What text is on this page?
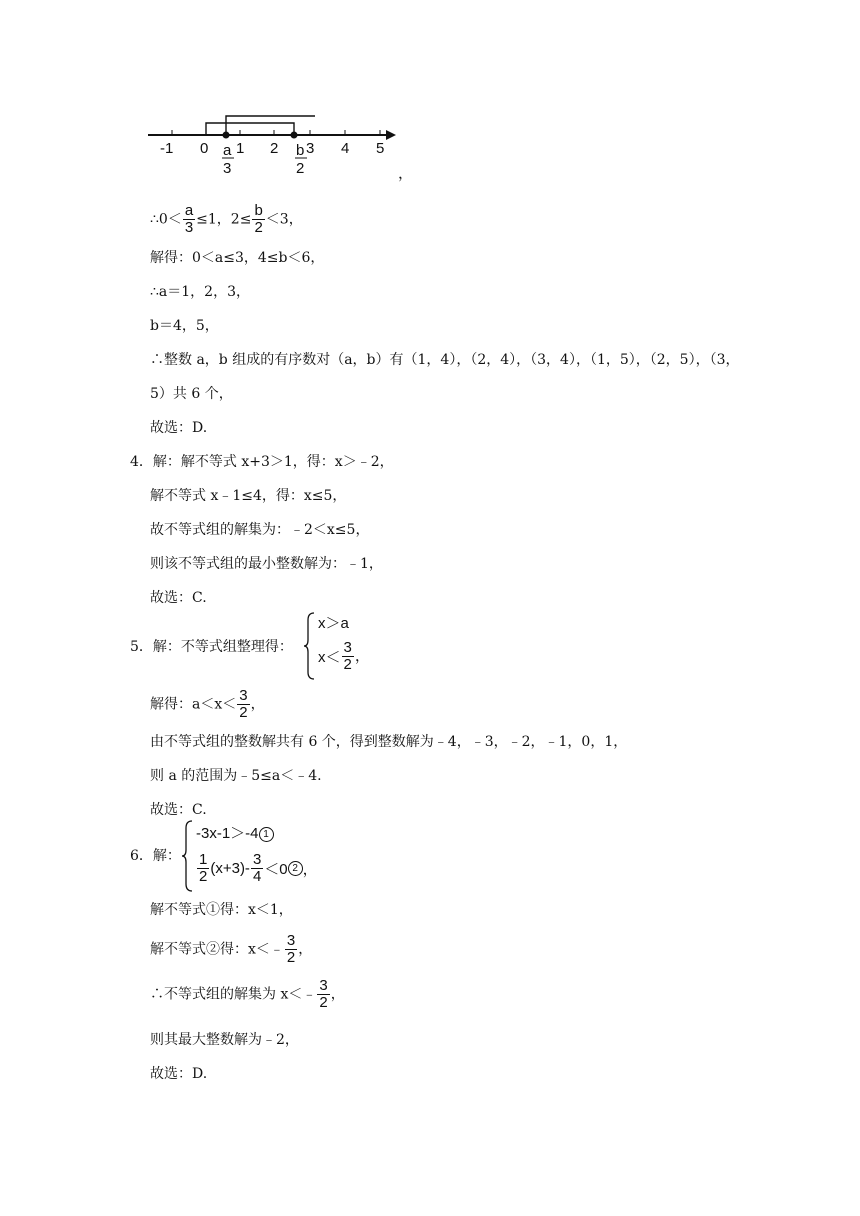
-1 0 1 2 3 4 5
a
3
b
2	，
∴0＜ $\frac{a}{3} \le 1$，$2\le \frac{b}{2} <3$，
解得：0＜a≤3，4≤b＜6，
∴a＝1，2，3，
b＝4，5，
∴整数 a，b 组成的有序数对（a，b）有（1，4），（2，4），（3，4），（1，5），（2，5），（3，
5）共 6 个，
故选：D.
4．解：解不等式 x+3＞1，得：x＞﹣2，
解不等式 x﹣1≤4，得：x≤5，
故不等式组的解集为：﹣2＜x≤5，
则该不等式组的最小整数解为：﹣1，
故选：C.
5．解：不等式组整理得：
x＞a
$x< \frac{3}{2}$ ，
解得：$a<x< \frac{3}{2}$ ，
由不等式组的整数解共有 6 个，得到整数解为﹣4，﹣3，﹣2，﹣1，0，1，
则 a 的范围为﹣5≤a＜﹣4.
故选：C.
6．解：
-3x-1＞-4 1
$\frac{1}{2} (x+3)- \frac{3}{4} <0$ 2 ，
解不等式①得：x＜1，
解不等式②得：x＜﹣ $\frac{3}{2}$ ，
∴不等式组的解集为 x＜﹣ $\frac{3}{2}$ ，
则其最大整数解为﹣2，
故选：D.
